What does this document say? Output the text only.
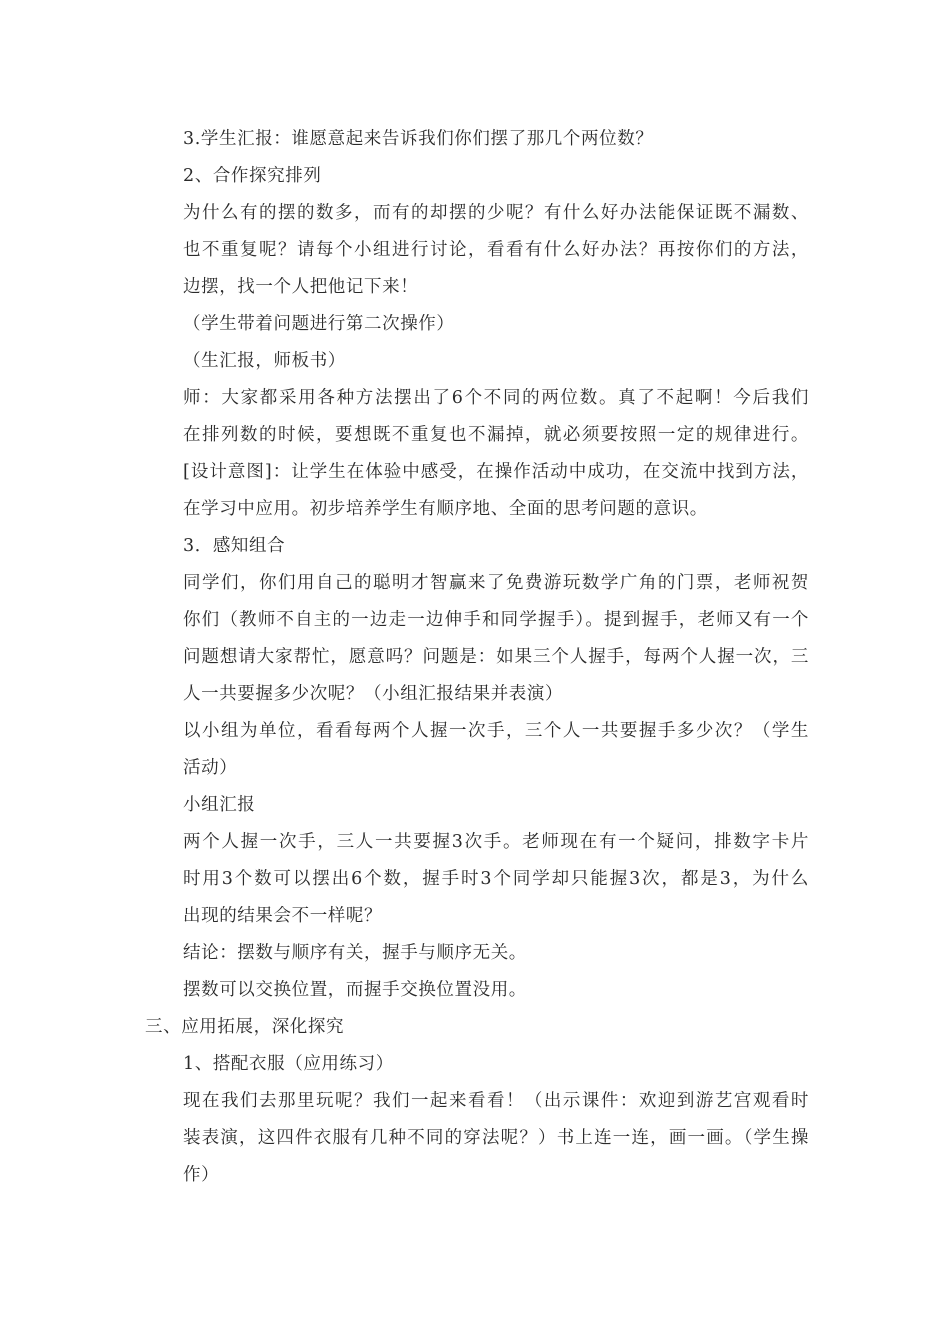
3.学生汇报：谁愿意起来告诉我们你们摆了那几个两位数？
2、合作探究排列
为什么有的摆的数多，而有的却摆的少呢？有什么好办法能保证既不漏数、
也不重复呢？请每个小组进行讨论，看看有什么好办法？再按你们的方法，
边摆，找一个人把他记下来！
（学生带着问题进行第二次操作）
（生汇报，师板书）
师：大家都采用各种方法摆出了6个不同的两位数。真了不起啊！今后我们
在排列数的时候，要想既不重复也不漏掉，就必须要按照一定的规律进行。
[设计意图]：让学生在体验中感受，在操作活动中成功，在交流中找到方法，
在学习中应用。初步培养学生有顺序地、全面的思考问题的意识。
3．感知组合
同学们，你们用自己的聪明才智赢来了免费游玩数学广角的门票，老师祝贺
你们（教师不自主的一边走一边伸手和同学握手）。提到握手，老师又有一个
问题想请大家帮忙，愿意吗？问题是：如果三个人握手，每两个人握一次，三
人一共要握多少次呢？（小组汇报结果并表演）
以小组为单位，看看每两个人握一次手，三个人一共要握手多少次？（学生
活动）
小组汇报
两个人握一次手，三人一共要握3次手。老师现在有一个疑问，排数字卡片
时用3个数可以摆出6个数，握手时3个同学却只能握3次，都是3，为什么
出现的结果会不一样呢？
结论：摆数与顺序有关，握手与顺序无关。
摆数可以交换位置，而握手交换位置没用。
三、应用拓展，深化探究
1、搭配衣服（应用练习）
现在我们去那里玩呢？我们一起来看看！（出示课件：欢迎到游艺宫观看时
装表演，这四件衣服有几种不同的穿法呢？）书上连一连，画一画。（学生操
作）
